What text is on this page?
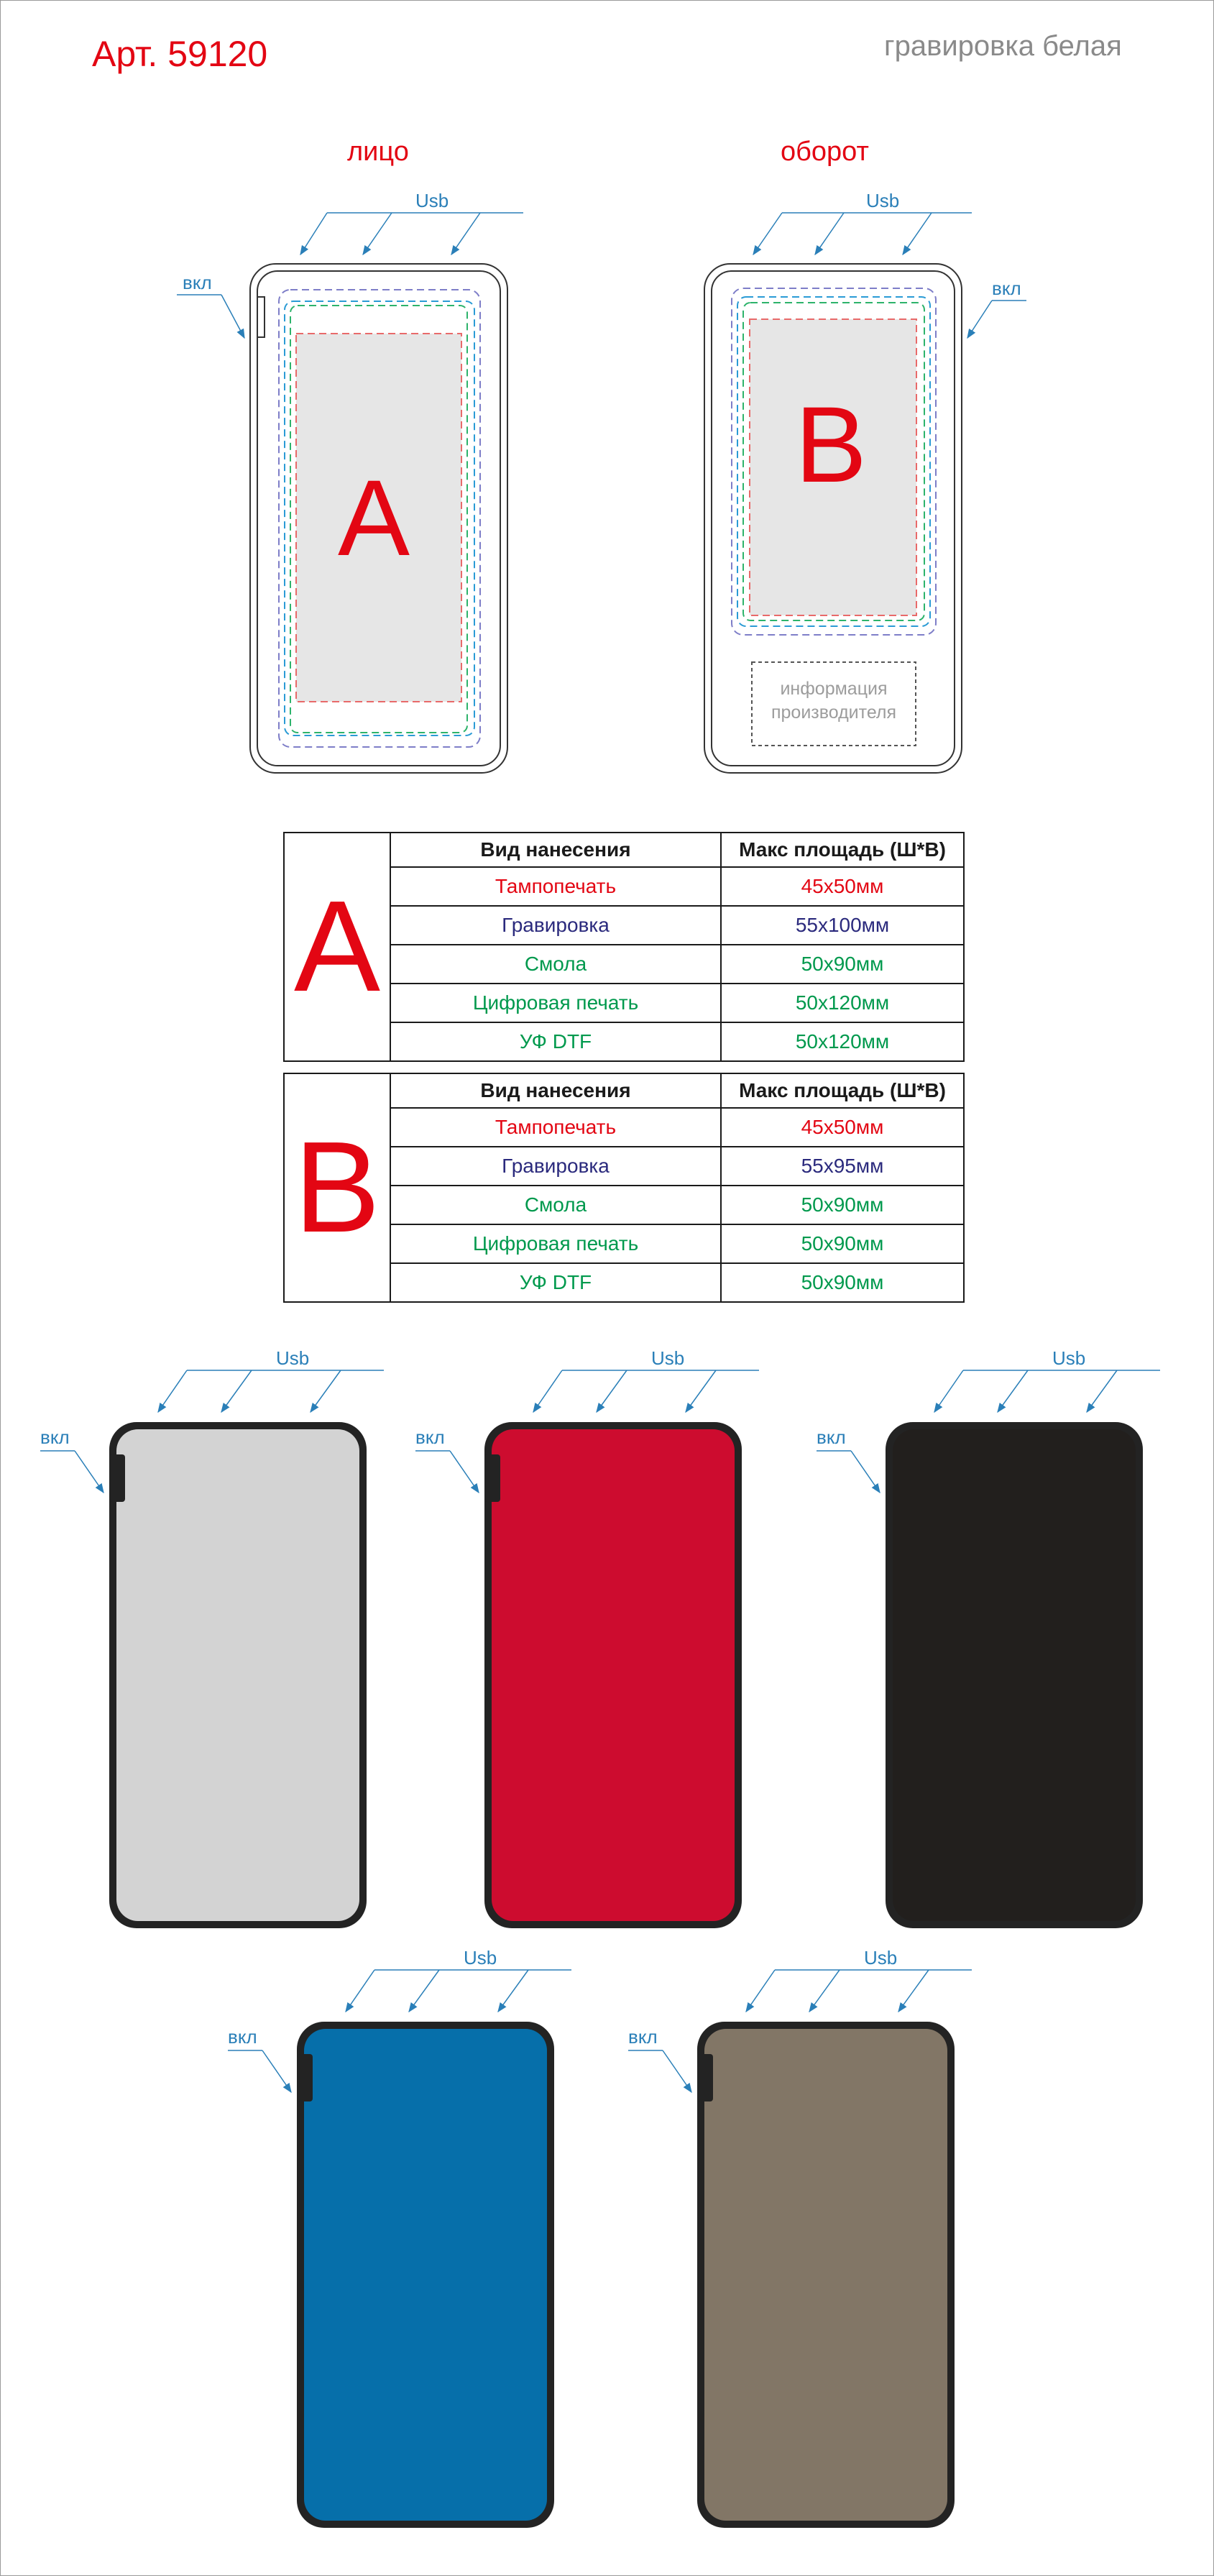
Арт. 59120	гравировка белая
лицо	оборот
Usb
вкл
A
Usb
вкл
B
информация
производителя
A	Вид нанесения	Макс площадь (Ш*В)
	Тампопечать	45x50мм
	Гравировка	55x100мм
	Смола	50x90мм
	Цифровая печать	50x120мм
	УФ DTF	50x120мм
B	Вид нанесения	Макс площадь (Ш*В)
	Тампопечать	45x50мм
	Гравировка	55x95мм
	Смола	50x90мм
	Цифровая печать	50x90мм
	УФ DTF	50x90мм
Usb
вкл
Usb
вкл
Usb
вкл
Usb
вкл
Usb
вкл
